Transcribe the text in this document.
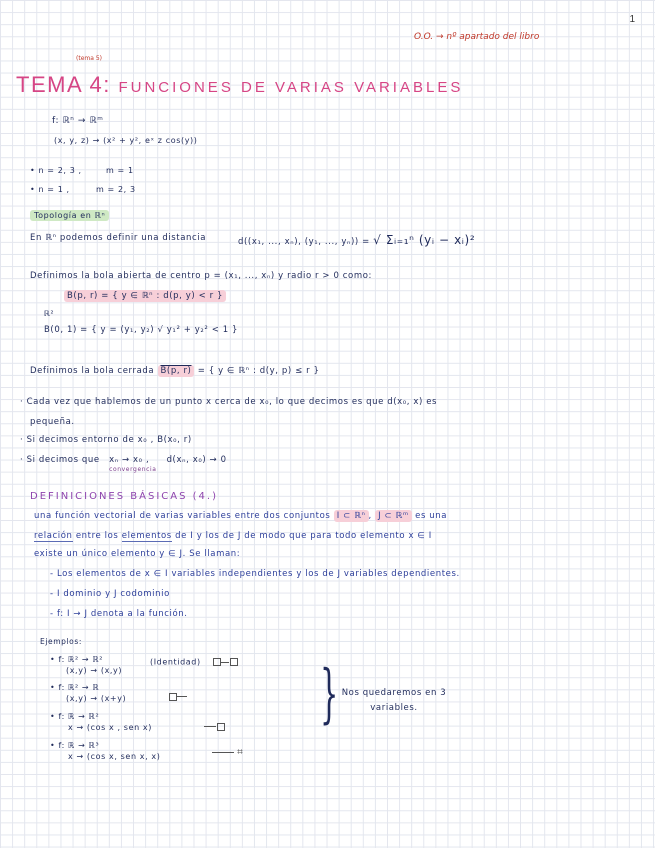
1
O.O. → nº apartado del libro
(tema 5)
TEMA 4: FUNCIONES DE VARIAS VARIABLES
f: ℝⁿ → ℝᵐ
(x, y, z) → (x² + y², eˣ z cos(y))
• n = 2, 3 ,	m = 1
• n = 1 ,	m = 2, 3
Topología en ℝⁿ
En ℝⁿ podemos definir una distancia	d((x₁, ..., xₙ), (y₁, ..., yₙ)) = √ Σᵢ₌₁ⁿ (yᵢ − xᵢ)²
Definimos la bola abierta de centro p = (x₁, ..., xₙ) y radio r > 0 como:
B(p, r) = { y ∈ ℝⁿ : d(p, y) < r }
ℝ²
B(0, 1) = { y = (y₁, y₂) √ y₁² + y₂² < 1 }
Definimos la bola cerrada B(p, r) = { y ∈ ℝⁿ : d(y, p) ≤ r }
· Cada vez que hablemos de un punto x cerca de x₀, lo que decimos es que d(x₀, x) es
pequeña.
· Si decimos entorno de x₀ , B(x₀, r)
· Si decimos que xₙ → x₀ ,
convergencia
d(xₙ, x₀) → 0
DEFINICIONES BÁSICAS (4.)
una función vectorial de varias variables entre dos conjuntos I ⊂ ℝⁿ , J ⊂ ℝᵐ es una
relación entre los elementos de I y los de J de modo que para todo elemento x ∈ I
existe un único elemento y ∈ J. Se llaman:
- Los elementos de x ∈ I variables independientes y los de J variables dependientes.
- I dominio y J codominio
- f: I → J denota a la función.
Ejemplos:
• f: ℝ² → ℝ²
(x,y) → (x,y)
(Identidad)
• f: ℝ² → ℝ
(x,y) → (x+y)
• f: ℝ → ℝ²
x → (cos x , sen x)
• f: ℝ → ℝ³
x → (cos x, sen x, x)	⌗
} Nos quedaremos en 3 variables.
